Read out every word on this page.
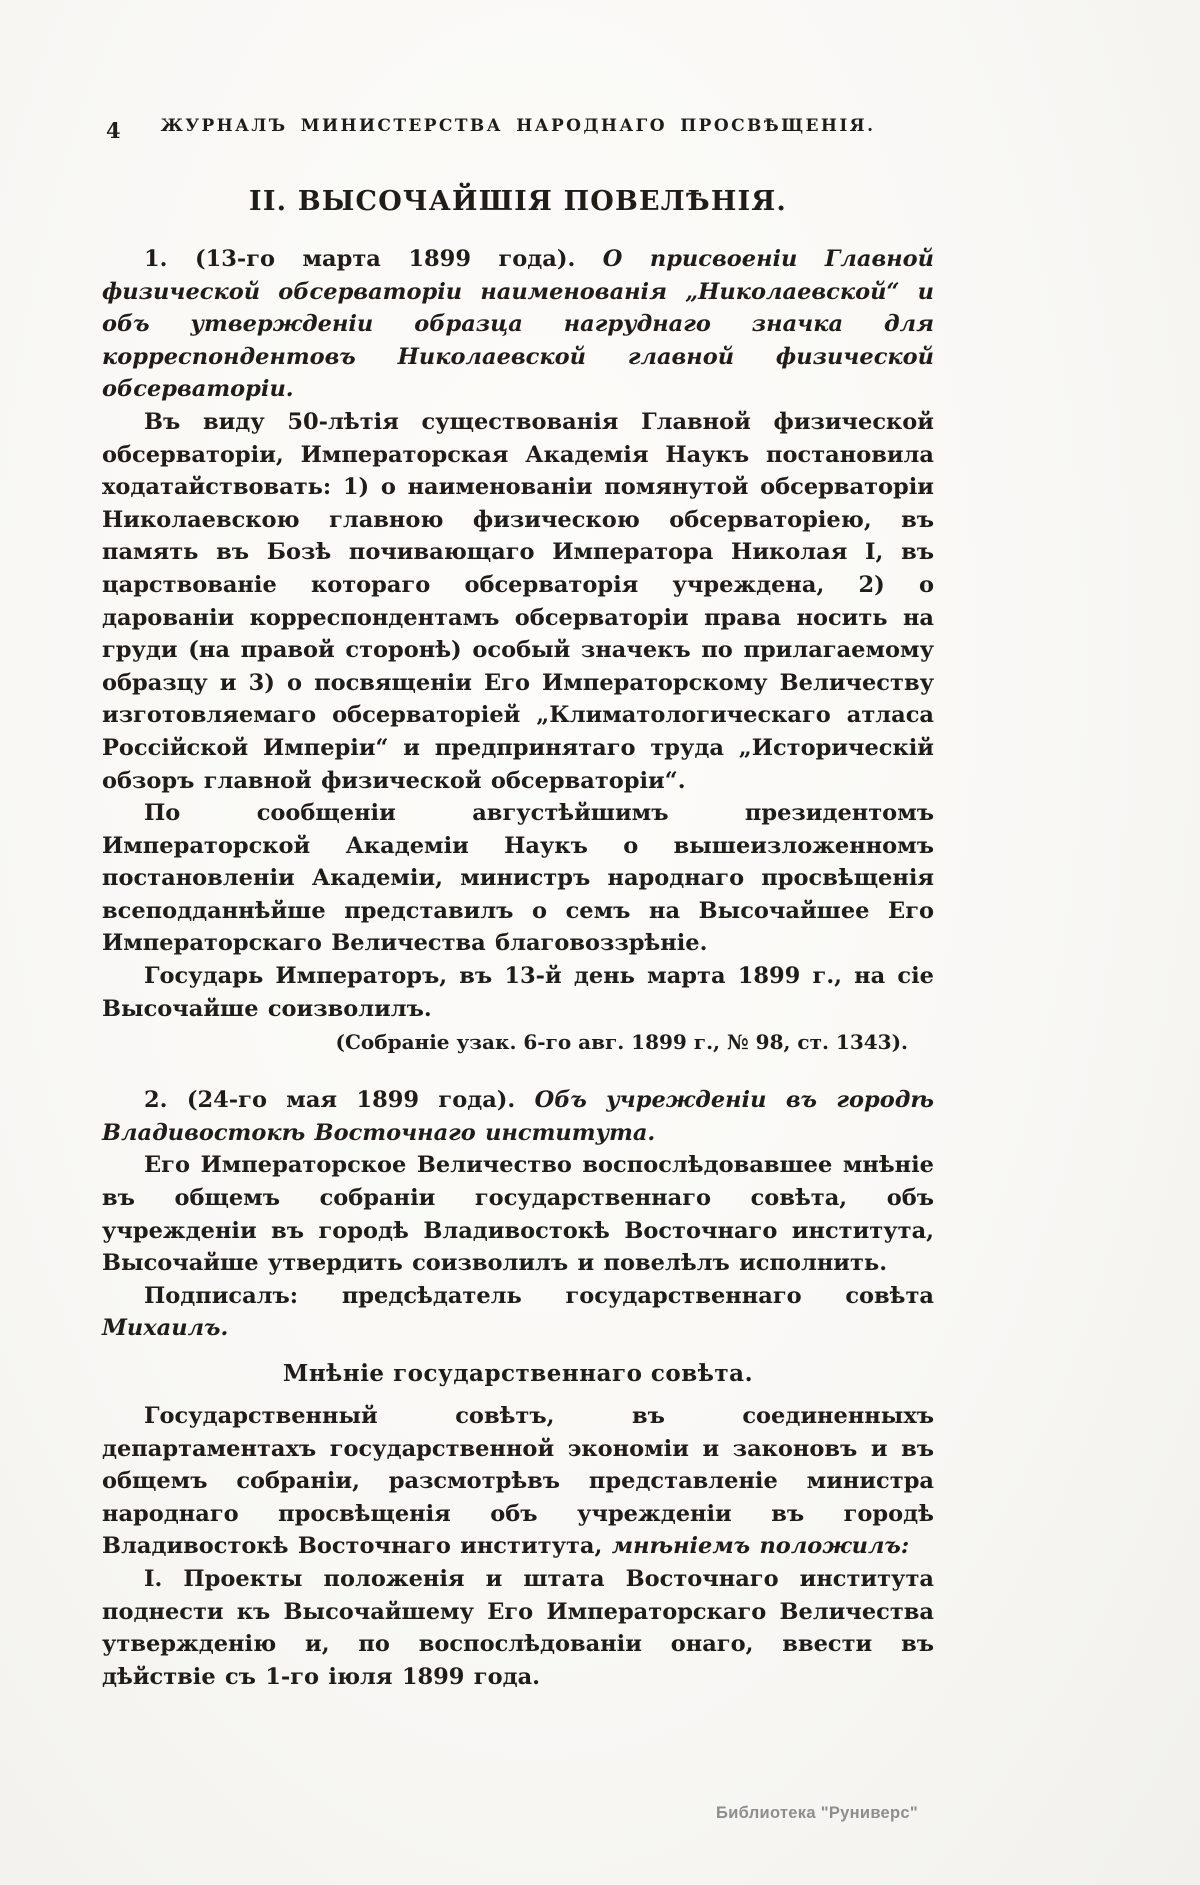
4 ЖУРНАЛЪ МИНИСТЕРСТВА НАРОДНАГО ПРОСВѢЩЕНІЯ.
II. ВЫСОЧАЙШІЯ ПОВЕЛѢНІЯ.

1. (13-го марта 1899 года). О присвоеніи Главной физической обсерваторіи наименованія „Николаевской“ и объ утвержденіи образца нагруднаго значка для корреспондентовъ Николаевской главной физической обсерваторіи.

Въ виду 50-лѣтія существованія Главной физической обсерваторіи, Императорская Академія Наукъ постановила ходатайствовать: 1) о наименованіи помянутой обсерваторіи Николаевскою главною физическою обсерваторіею, въ память въ Бозѣ почивающаго Императора Николая I, въ царствованіе котораго обсерваторія учреждена, 2) о дарованіи корреспондентамъ обсерваторіи права носить на груди (на правой сторонѣ) особый значекъ по прилагаемому образцу и 3) о посвященіи Его Императорскому Величеству изготовляемаго обсерваторіей „Климатологическаго атласа Россійской Имперіи“ и предпринятаго труда „Историческій обзоръ главной физической обсерваторіи“.

По сообщеніи августѣйшимъ президентомъ Императорской Академіи Наукъ о вышеизложенномъ постановленіи Академіи, министръ народнаго просвѣщенія всеподданнѣйше представилъ о семъ на Высочайшее Его Императорскаго Величества благовоззрѣніе.

Государь Императоръ, въ 13-й день марта 1899 г., на сіе Высочайше соизволилъ.

(Собраніе узак. 6-го авг. 1899 г., № 98, ст. 1343).

2. (24-го мая 1899 года). Объ учрежденіи въ городѣ Владивостокѣ Восточнаго института.

Его Императорское Величество воспослѣдовавшее мнѣніе въ общемъ собраніи государственнаго совѣта, объ учрежденіи въ городѣ Владивостокѣ Восточнаго института, Высочайше утвердить соизволилъ и повелѣлъ исполнить.

Подписалъ: предсѣдатель государственнаго совѣта Михаилъ.

Мнѣніе государственнаго совѣта.

Государственный совѣтъ, въ соединенныхъ департаментахъ государственной экономіи и законовъ и въ общемъ собраніи, разсмотрѣвъ представленіе министра народнаго просвѣщенія объ учрежденіи въ городѣ Владивостокѣ Восточнаго института, мнѣніемъ положилъ:

I. Проекты положенія и штата Восточнаго института поднести къ Высочайшему Его Императорскаго Величества утвержденію и, по воспослѣдованіи онаго, ввести въ дѣйствіе съ 1-го іюля 1899 года.

Библиотека "Руниверс"
